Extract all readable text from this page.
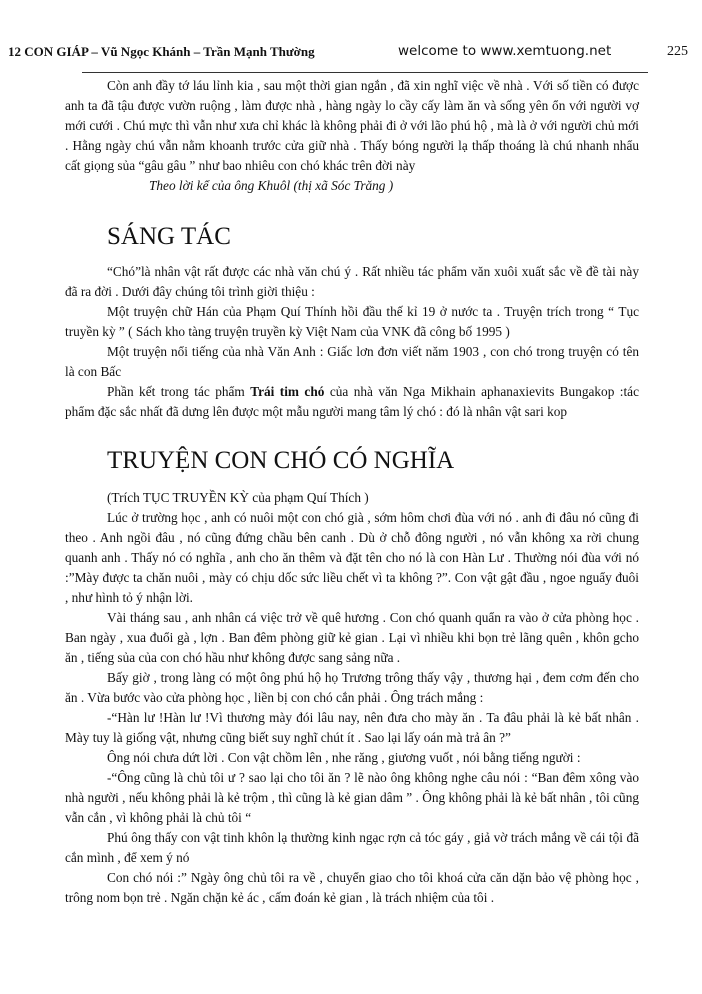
12 CON GIÁP – Vũ Ngọc Khánh – Trần Mạnh Thường	welcome to www.xemtuong.net	225

Còn anh đầy tớ láu lỉnh kia , sau một thời gian ngắn , đã xin nghĩ việc về nhà . Với số tiền có được anh ta đã tậu được vườn ruộng , làm được nhà , hàng ngày lo cầy cấy làm ăn và sống yên ổn với người vợ mới cưới . Chú mực thì vẫn như xưa chỉ khác là không phải đi ở với lão phú hộ , mà là ở với người chủ mới . Hằng ngày chú vẫn nằm khoanh trước cửa giữ nhà . Thấy bóng người lạ thấp thoáng là chú nhanh nhẩu cất giọng sủa “gâu gâu ” như bao nhiêu con chó khác trên đời này

Theo lời kể của ông Khuôl (thị xã Sóc Trăng )

SÁNG TÁC

“Chó”là nhân vật rất được các nhà văn chú ý . Rất nhiều tác phẩm văn xuôi xuất sắc về đề tài này đã ra đời . Dưới đây chúng tôi trình giời thiệu :

Một truyện chữ Hán của Phạm Quí Thính hồi đầu thế kỉ 19 ở nước ta . Truyện trích trong “ Tục truyền kỳ ” ( Sách kho tàng truyện truyền kỳ Việt Nam của VNK đã công bố 1995 )

Một truyện nổi tiếng của nhà Văn Anh : Giấc lơn đơn viết năm 1903 , con chó trong truyện có tên là con Bấc

Phần kết trong tác phẩm Trái tim chó của nhà văn Nga Mikhain aphanaxievits Bungakop :tác phẩm đặc sắc nhất đã dưng lên được một mẫu người mang tâm lý chó : đó là nhân vật sari kop

TRUYỆN CON CHÓ CÓ NGHĨA

(Trích TỤC TRUYỀN KỲ của phạm Quí Thích )

Lúc ở trường học , anh có nuôi một con chó già , sớm hôm chơi đùa với nó . anh đi đâu nó cũng đi theo . Anh ngồi đâu , nó cũng đứng chầu bên canh . Dù ở chỗ đông người , nó vẫn không xa rời chung quanh anh . Thấy nó có nghĩa , anh cho ăn thêm và đặt tên cho nó là con Hàn Lư . Thường nói đùa với nó :”Mày được ta chăn nuôi , mày có chịu dốc sức liều chết vì ta không ?”. Con vật gật đầu , ngoe nguẩy đuôi , như hình tỏ ý nhận lời.

Vài tháng sau , anh nhân cá việc trở về quê hương . Con chó quanh quẩn ra vào ở cửa phòng học . Ban ngày , xua đuổi gà , lợn . Ban đêm phòng giữ kẻ gian . Lại vì nhiều khi bọn trẻ lãng quên , khôn gcho ăn , tiếng sủa của con chó hầu như không được sang sảng nữa .

Bấy giờ , trong làng có một ông phú hộ họ Trương trông thấy vậy , thương hại , đem cơm đến cho ăn . Vừa bước vào cửa phòng học , liền bị con chó cắn phải . Ông trách mắng :

-“Hàn lư !Hàn lư !Vì thương mày đói lâu nay, nên đưa cho mày ăn . Ta đâu phải là kẻ bất nhân . Mày tuy là giống vật, nhưng cũng biết suy nghĩ chút ít . Sao lại lấy oán mà trả ân ?”

Ông nói chưa dứt lời . Con vật chồm lên , nhe răng , giương vuốt , nói bằng tiếng người :

-“Ông cũng là chủ tôi ư ? sao lại cho tôi ăn ? lẽ nào ông không nghe câu nói : “Ban đêm xông vào nhà người , nếu không phải là kẻ trộm , thì cũng là kẻ gian dâm ” . Ông không phải là kẻ bất nhân , tôi cũng vẫn cắn , vì không phải là chủ tôi “

Phú ông thấy con vật tinh khôn lạ thường kinh ngạc rợn cả tóc gáy , giả vờ trách mắng về cái tội đã cắn mình , để xem ý nó

Con chó nói :” Ngày ông chủ tôi ra về , chuyển giao cho tôi khoá cửa căn dặn bảo vệ phòng học , trông nom bọn trẻ . Ngăn chặn kẻ ác , cấm đoán kẻ gian , là trách nhiệm của tôi .
